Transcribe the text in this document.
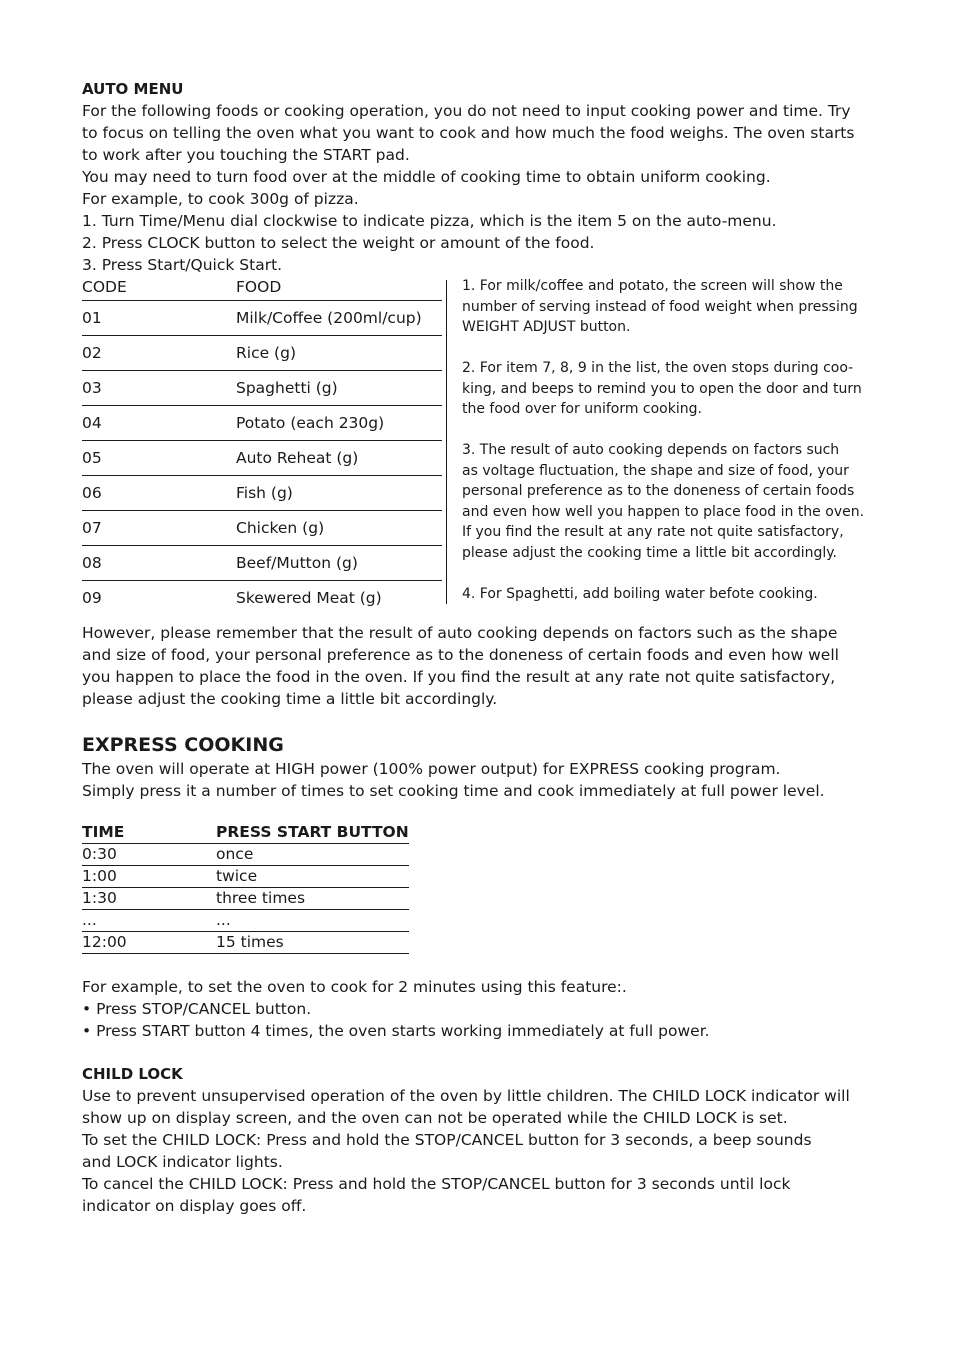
AUTO MENU
For the following foods or cooking operation, you do not need to input cooking power and time. Try
to focus on telling the oven what you want to cook and how much the food weighs. The oven starts
to work after you touching the START pad.
You may need to turn food over at the middle of cooking time to obtain uniform cooking.
For example, to cook 300g of pizza.
1. Turn Time/Menu dial clockwise to indicate pizza, which is the item 5 on the auto-menu.
2. Press CLOCK button to select the weight or amount of the food.
3. Press Start/Quick Start.
CODE	FOOD
01	Milk/Coffee (200ml/cup)
02	Rice (g)
03	Spaghetti (g)
04	Potato (each 230g)
05	Auto Reheat (g)
06	Fish (g)
07	Chicken (g)
08	Beef/Mutton (g)
09	Skewered Meat (g)
1. For milk/coffee and potato, the screen will show the
number of serving instead of food weight when pressing
WEIGHT ADJUST button.
2. For item 7, 8, 9 in the list, the oven stops during coo-
king, and beeps to remind you to open the door and turn
the food over for uniform cooking.
3. The result of auto cooking depends on factors such
as voltage fluctuation, the shape and size of food, your
personal preference as to the doneness of certain foods
and even how well you happen to place food in the oven.
If you find the result at any rate not quite satisfactory,
please adjust the cooking time a little bit accordingly.
4. For Spaghetti, add boiling water befote cooking.
However, please remember that the result of auto cooking depends on factors such as the shape
and size of food, your personal preference as to the doneness of certain foods and even how well
you happen to place the food in the oven. If you find the result at any rate not quite satisfactory,
please adjust the cooking time a little bit accordingly.
EXPRESS COOKING
The oven will operate at HIGH power (100% power output) for EXPRESS cooking program.
Simply press it a number of times to set cooking time and cook immediately at full power level.
TIME	PRESS START BUTTON
0:30	once
1:00	twice
1:30	three times
...	...
12:00	15 times
For example, to set the oven to cook for 2 minutes using this feature:.
• Press STOP/CANCEL button.
• Press START button 4 times, the oven starts working immediately at full power.
CHILD LOCK
Use to prevent unsupervised operation of the oven by little children. The CHILD LOCK indicator will
show up on display screen, and the oven can not be operated while the CHILD LOCK is set.
To set the CHILD LOCK: Press and hold the STOP/CANCEL button for 3 seconds, a beep sounds
and LOCK indicator lights.
To cancel the CHILD LOCK: Press and hold the STOP/CANCEL button for 3 seconds until lock
indicator on display goes off.
